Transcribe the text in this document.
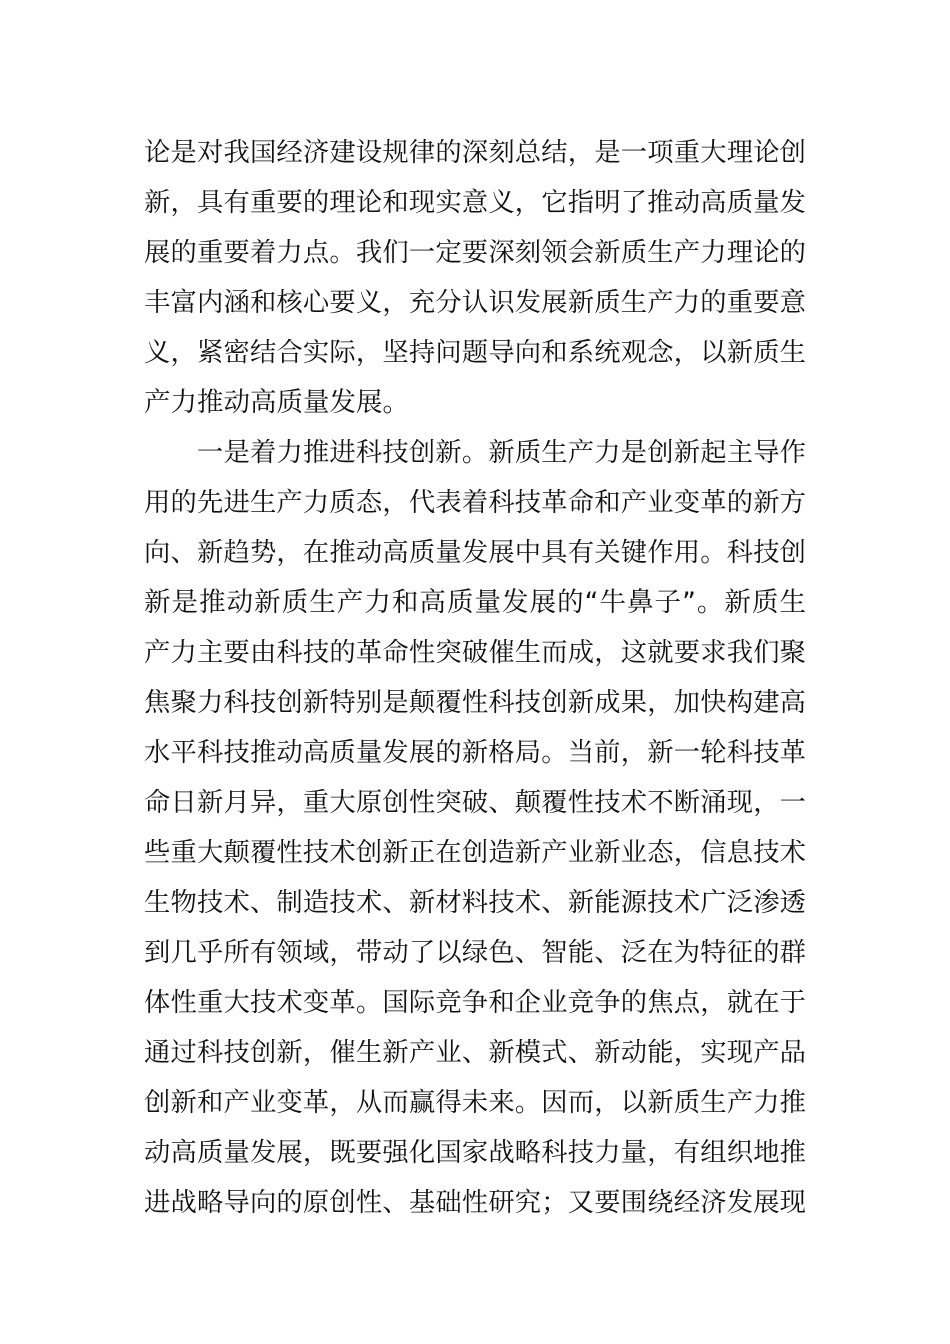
论是对我国经济建设规律的深刻总结，是一项重大理论创
新，具有重要的理论和现实意义，它指明了推动高质量发
展的重要着力点。我们一定要深刻领会新质生产力理论的
丰富内涵和核心要义，充分认识发展新质生产力的重要意
义，紧密结合实际，坚持问题导向和系统观念，以新质生
产力推动高质量发展。
一是着力推进科技创新。新质生产力是创新起主导作
用的先进生产力质态，代表着科技革命和产业变革的新方
向、新趋势，在推动高质量发展中具有关键作用。科技创
新是推动新质生产力和高质量发展的“牛鼻子”。新质生
产力主要由科技的革命性突破催生而成，这就要求我们聚
焦聚力科技创新特别是颠覆性科技创新成果，加快构建高
水平科技推动高质量发展的新格局。当前，新一轮科技革
命日新月异，重大原创性突破、颠覆性技术不断涌现，一
些重大颠覆性技术创新正在创造新产业新业态，信息技术
生物技术、制造技术、新材料技术、新能源技术广泛渗透
到几乎所有领域，带动了以绿色、智能、泛在为特征的群
体性重大技术变革。国际竞争和企业竞争的焦点，就在于
通过科技创新，催生新产业、新模式、新动能，实现产品
创新和产业变革，从而赢得未来。因而，以新质生产力推
动高质量发展，既要强化国家战略科技力量，有组织地推
进战略导向的原创性、基础性研究；又要围绕经济发展现
